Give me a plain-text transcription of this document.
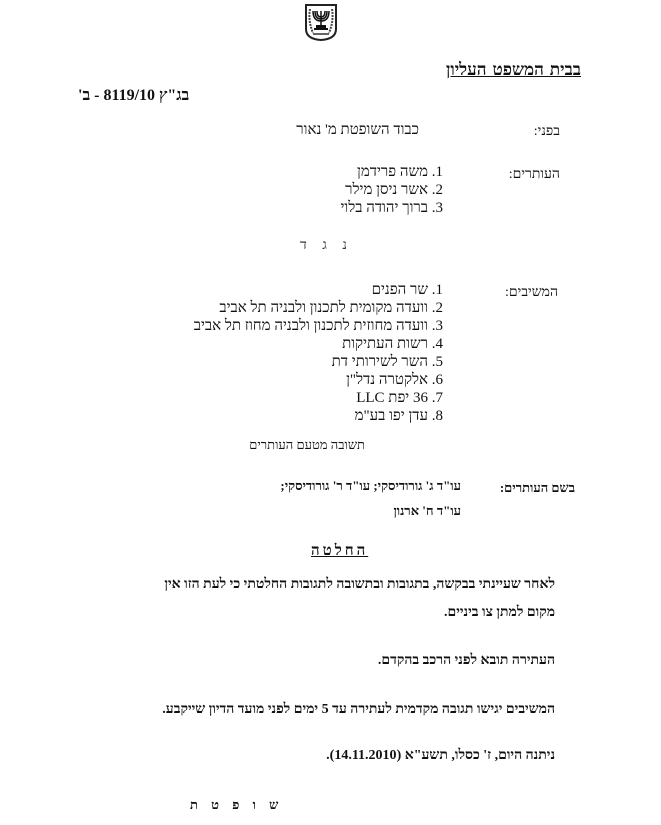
בבית המשפט העליון
בג"ץ 8119/10 - ב'
בפני:
כבוד השופטת מ' נאור
העותרים:
1. משה פרידמן
2. אשר ניסן מילר
3. ברוך יהודה בלוי
נ ג ד
המשיבים:
1. שר הפנים
2. וועדה מקומית לתכנון ולבניה תל אביב
3. וועדה מחוזית לתכנון ולבניה מחוז תל אביב
4. רשות העתיקות
5. השר לשירותי דת
6. אלקטרה נדל"ן
7. 36 יפת LLC
8. עדן יפו בע"מ
תשובה מטעם העותרים
בשם העותרים:
עו"ד ג' גורודיסקי; עו"ד ר' גורודיסקי;
עו"ד ח' ארנון
החלטה
לאחר שעיינתי בבקשה, בתגובות ובתשובה לתגובות החלטתי כי לעת הזו אין
מקום למתן צו ביניים.
העתירה תובא לפני הרכב בהקדם.
המשיבים יגישו תגובה מקדמית לעתירה עד 5 ימים לפני מועד הדיון שייקבע.
ניתנה היום, ז' כסלו, תשע"א (14.11.2010).
ש ו פ ט ת
